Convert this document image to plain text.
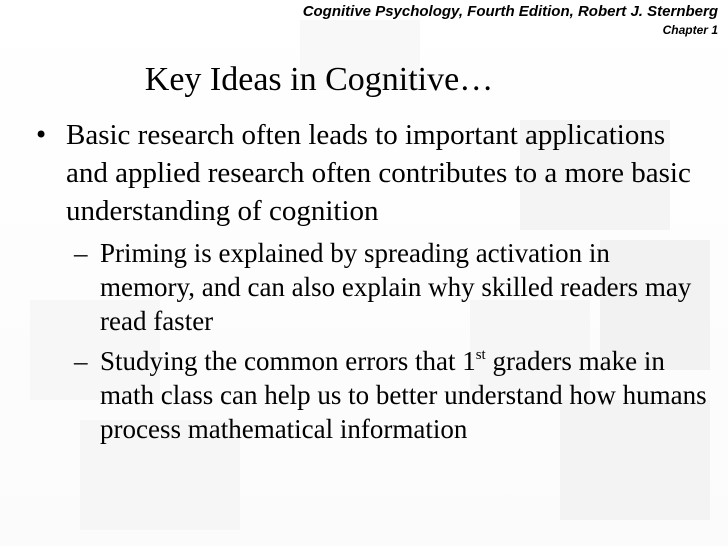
Cognitive Psychology, Fourth Edition, Robert J. Sternberg
Chapter 1
Key Ideas in Cognitive…
• Basic research often leads to important applications and applied research often contributes to a more basic understanding of cognition
– Priming is explained by spreading activation in memory, and can also explain why skilled readers may read faster
– Studying the common errors that 1st graders make in math class can help us to better understand how humans process mathematical information
